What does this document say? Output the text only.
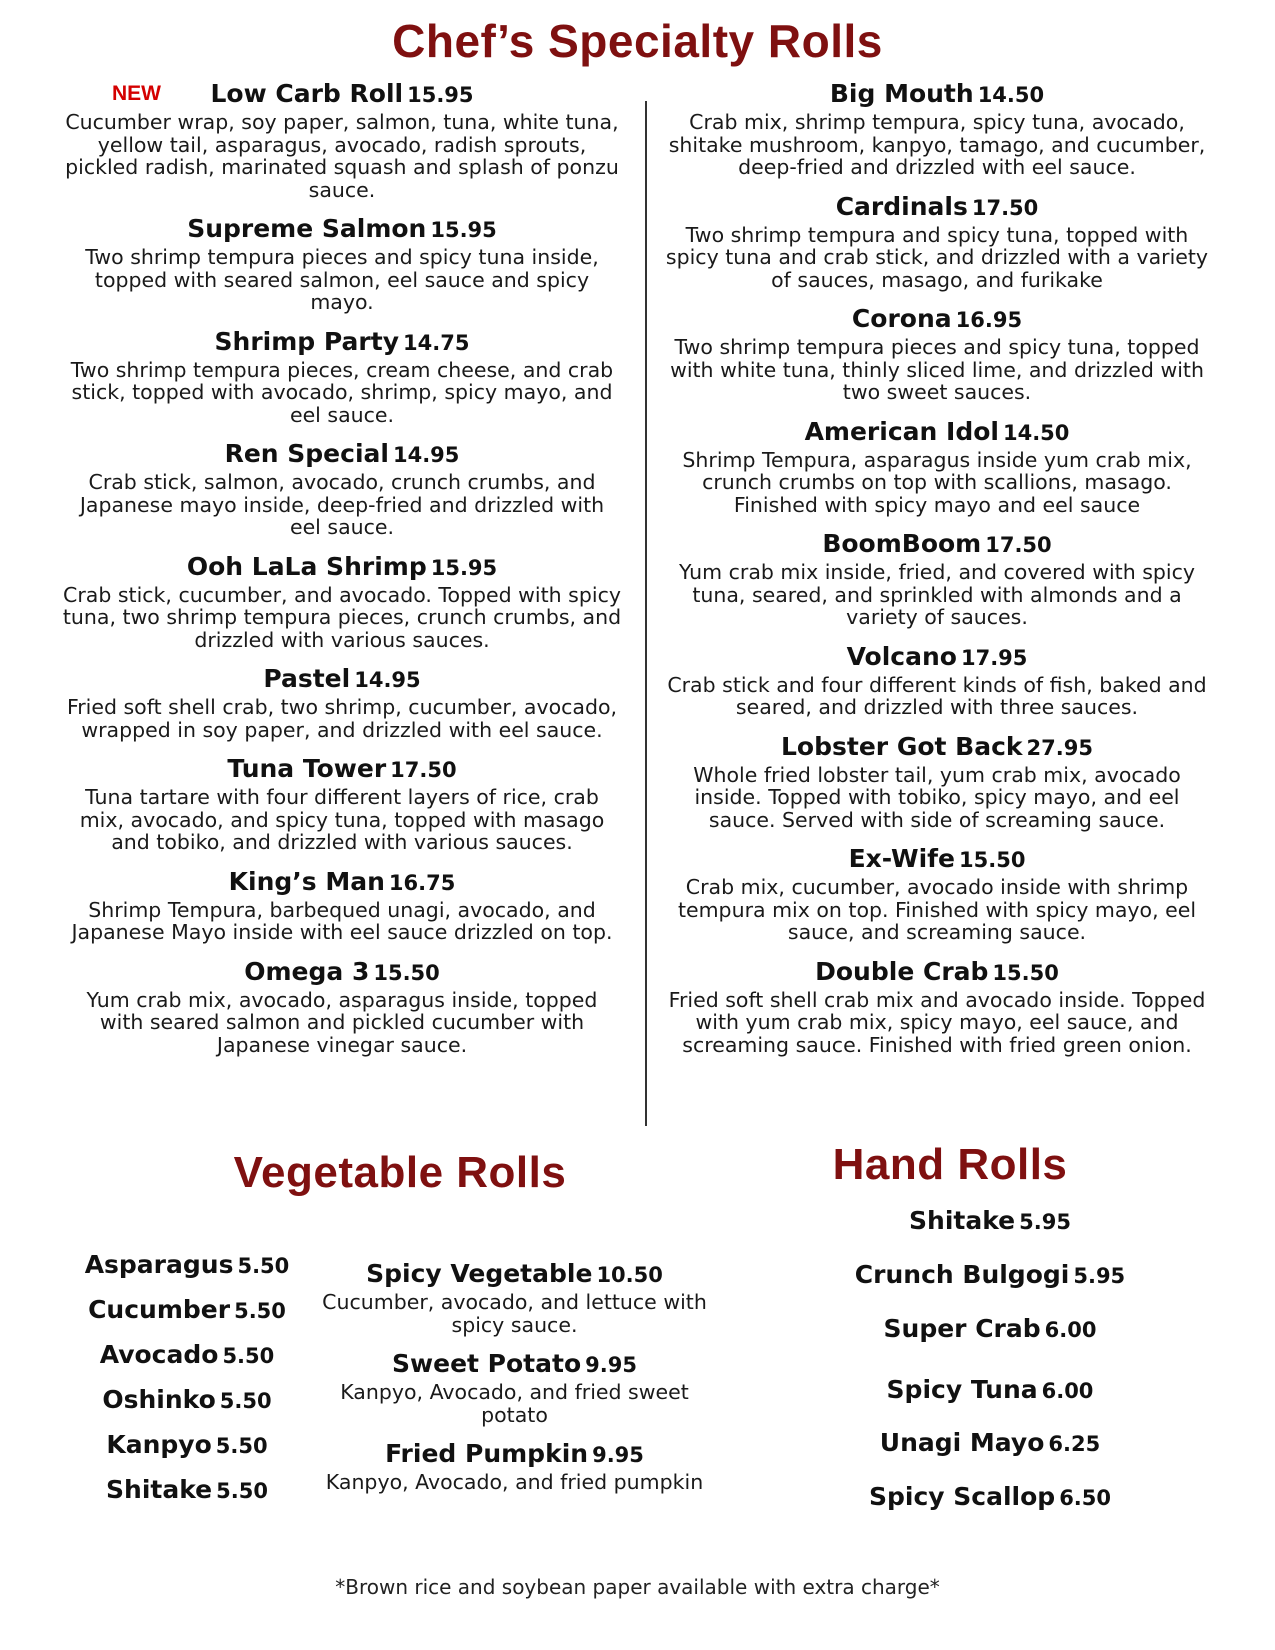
Chef’s Specialty Rolls
NEW	Low Carb Roll 15.95

Cucumber wrap, soy paper, salmon, tuna, white tuna, yellow tail, asparagus, avocado, radish sprouts, pickled radish, marinated squash and splash of ponzu sauce.

Supreme Salmon 15.95

Two shrimp tempura pieces and spicy tuna inside, topped with seared salmon, eel sauce and spicy mayo.

Shrimp Party 14.75

Two shrimp tempura pieces, cream cheese, and crab stick, topped with avocado, shrimp, spicy mayo, and eel sauce.

Ren Special 14.95

Crab stick, salmon, avocado, crunch crumbs, and Japanese mayo inside, deep-fried and drizzled with eel sauce.

Ooh LaLa Shrimp 15.95

Crab stick, cucumber, and avocado. Topped with spicy tuna, two shrimp tempura pieces, crunch crumbs, and drizzled with various sauces.

Pastel 14.95

Fried soft shell crab, two shrimp, cucumber, avocado, wrapped in soy paper, and drizzled with eel sauce.

Tuna Tower 17.50

Tuna tartare with four different layers of rice, crab mix, avocado, and spicy tuna, topped with masago and tobiko, and drizzled with various sauces.

King’s Man 16.75

Shrimp Tempura, barbequed unagi, avocado, and Japanese Mayo inside with eel sauce drizzled on top.

Omega 3 15.50

Yum crab mix, avocado, asparagus inside, topped with seared salmon and pickled cucumber with Japanese vinegar sauce.

Big Mouth 14.50

Crab mix, shrimp tempura, spicy tuna, avocado, shitake mushroom, kanpyo, tamago, and cucumber, deep-fried and drizzled with eel sauce.

Cardinals 17.50

Two shrimp tempura and spicy tuna, topped with spicy tuna and crab stick, and drizzled with a variety of sauces, masago, and furikake

Corona 16.95

Two shrimp tempura pieces and spicy tuna, topped with white tuna, thinly sliced lime, and drizzled with two sweet sauces.

American Idol 14.50

Shrimp Tempura, asparagus inside yum crab mix, crunch crumbs on top with scallions, masago. Finished with spicy mayo and eel sauce

BoomBoom 17.50

Yum crab mix inside, fried, and covered with spicy tuna, seared, and sprinkled with almonds and a variety of sauces.

Volcano 17.95

Crab stick and four different kinds of fish, baked and seared, and drizzled with three sauces.

Lobster Got Back 27.95

Whole fried lobster tail, yum crab mix, avocado inside. Topped with tobiko, spicy mayo, and eel sauce. Served with side of screaming sauce.

Ex-Wife 15.50

Crab mix, cucumber, avocado inside with shrimp tempura mix on top. Finished with spicy mayo, eel sauce, and screaming sauce.

Double Crab 15.50

Fried soft shell crab mix and avocado inside. Topped with yum crab mix, spicy mayo, eel sauce, and screaming sauce. Finished with fried green onion.

Vegetable Rolls

Asparagus 5.50

Cucumber 5.50

Avocado 5.50

Oshinko 5.50

Kanpyo 5.50

Shitake 5.50

Spicy Vegetable 10.50

Cucumber, avocado, and lettuce with spicy sauce.

Sweet Potato 9.95

Kanpyo, Avocado, and fried sweet potato

Fried Pumpkin 9.95

Kanpyo, Avocado, and fried pumpkin

Hand Rolls

Shitake 5.95

Crunch Bulgogi 5.95

Super Crab 6.00

Spicy Tuna 6.00

Unagi Mayo 6.25

Spicy Scallop 6.50

*Brown rice and soybean paper available with extra charge*
